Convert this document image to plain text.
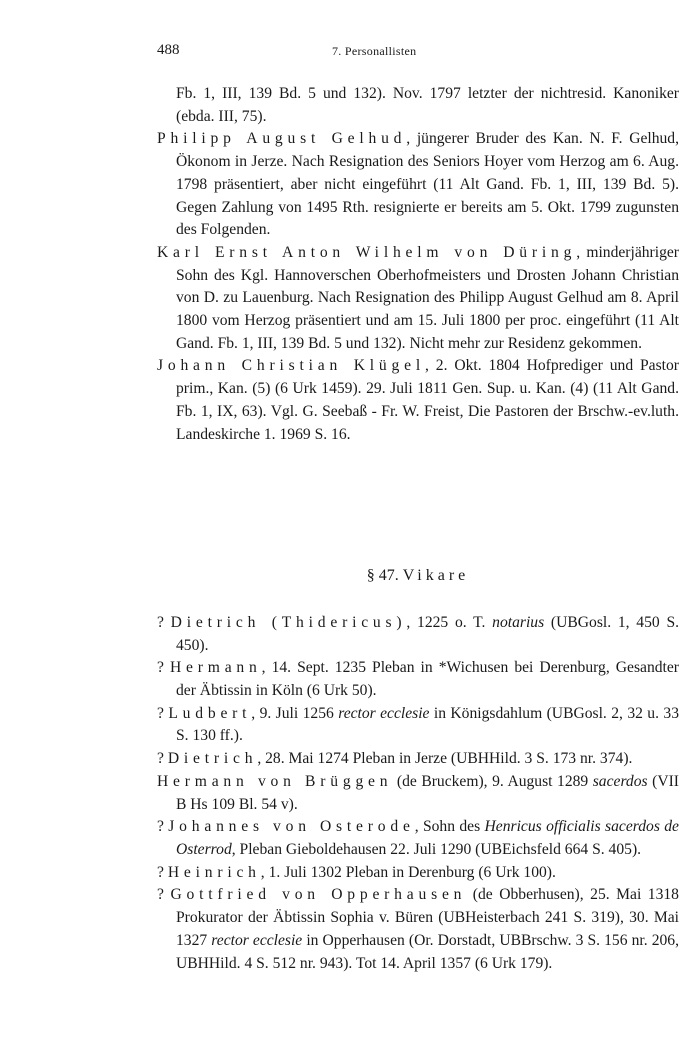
488	7. Personallisten

Fb. 1, III, 139 Bd. 5 und 132). Nov. 1797 letzter der nichtresid. Kanoniker (ebda. III, 75).

Philipp August Gelhud, jüngerer Bruder des Kan. N. F. Gelhud, Ökonom in Jerze. Nach Resignation des Seniors Hoyer vom Herzog am 6. Aug. 1798 präsentiert, aber nicht eingeführt (11 Alt Gand. Fb. 1, III, 139 Bd. 5). Gegen Zahlung von 1495 Rth. resignierte er bereits am 5. Okt. 1799 zugunsten des Folgenden.

Karl Ernst Anton Wilhelm von Düring, minderjähriger Sohn des Kgl. Hannoverschen Oberhofmeisters und Drosten Johann Christian von D. zu Lauenburg. Nach Resignation des Philipp August Gelhud am 8. April 1800 vom Herzog präsentiert und am 15. Juli 1800 per proc. eingeführt (11 Alt Gand. Fb. 1, III, 139 Bd. 5 und 132). Nicht mehr zur Residenz gekommen.

Johann Christian Klügel, 2. Okt. 1804 Hofprediger und Pastor prim., Kan. (5) (6 Urk 1459). 29. Juli 1811 Gen. Sup. u. Kan. (4) (11 Alt Gand. Fb. 1, IX, 63). Vgl. G. Seebaß - Fr. W. Freist, Die Pastoren der Brschw.-ev.luth. Landeskirche 1. 1969 S. 16.

§ 47. Vikare

? Dietrich (Thidericus), 1225 o. T. notarius (UBGosl. 1, 450 S. 450).

? Hermann, 14. Sept. 1235 Pleban in *Wichusen bei Derenburg, Gesandter der Äbtissin in Köln (6 Urk 50).

? Ludbert, 9. Juli 1256 rector ecclesie in Königsdahlum (UBGosl. 2, 32 u. 33 S. 130 ff.).

? Dietrich, 28. Mai 1274 Pleban in Jerze (UBHHild. 3 S. 173 nr. 374).

Hermann von Brüggen (de Bruckem), 9. August 1289 sacerdos (VII B Hs 109 Bl. 54 v).

? Johannes von Osterode, Sohn des Henricus officialis sacerdos de Osterrod, Pleban Gieboldehausen 22. Juli 1290 (UBEichsfeld 664 S. 405).

? Heinrich, 1. Juli 1302 Pleban in Derenburg (6 Urk 100).

? Gottfried von Opperhausen (de Obberhusen), 25. Mai 1318 Prokurator der Äbtissin Sophia v. Büren (UBHeisterbach 241 S. 319), 30. Mai 1327 rector ecclesie in Opperhausen (Or. Dorstadt, UBBrschw. 3 S. 156 nr. 206, UBHHild. 4 S. 512 nr. 943). Tot 14. April 1357 (6 Urk 179).
